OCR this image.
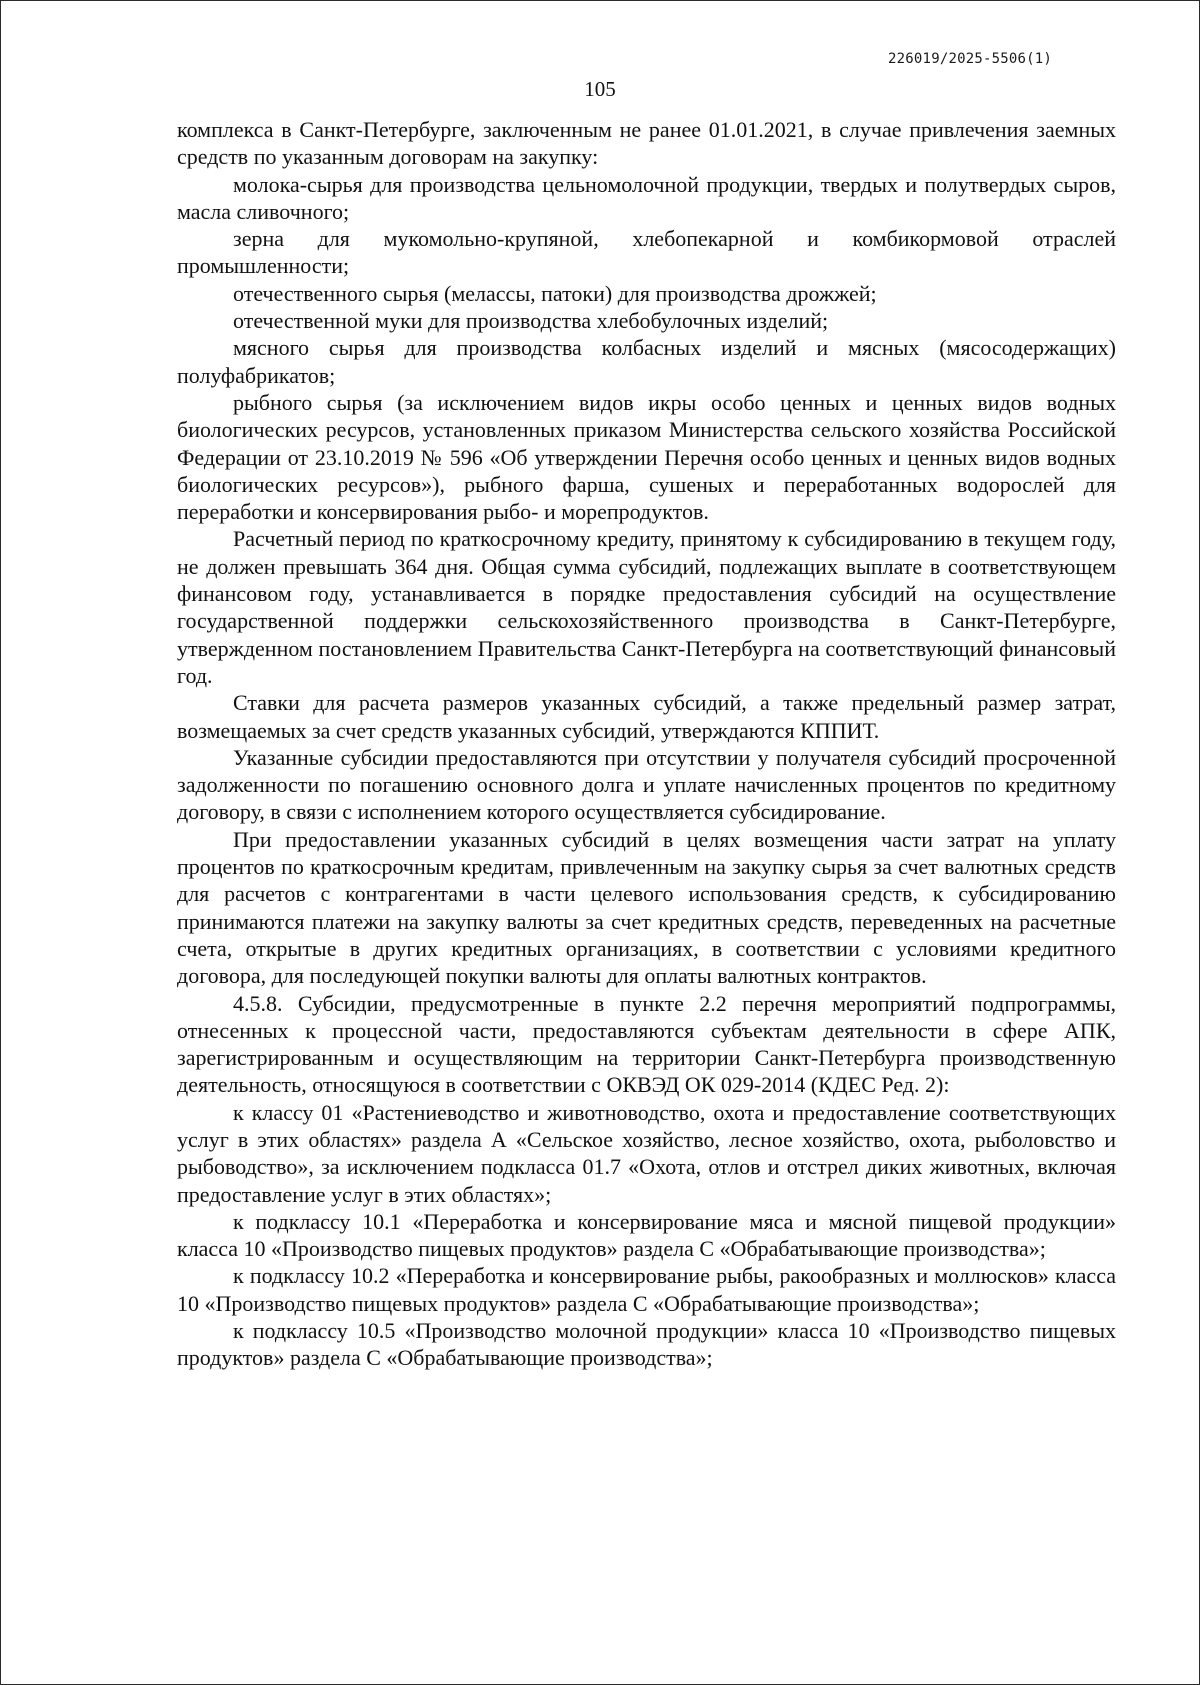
226019/2025-5506(1)
105

комплекса в Санкт-Петербурге, заключенным не ранее 01.01.2021, в случае привлечения заемных средств по указанным договорам на закупку:

молока-сырья для производства цельномолочной продукции, твердых и полутвердых сыров, масла сливочного;

зерна для мукомольно-крупяной, хлебопекарной и комбикормовой отраслей промышленности;

отечественного сырья (мелассы, патоки) для производства дрожжей;

отечественной муки для производства хлебобулочных изделий;

мясного сырья для производства колбасных изделий и мясных (мясосодержащих) полуфабрикатов;

рыбного сырья (за исключением видов икры особо ценных и ценных видов водных биологических ресурсов, установленных приказом Министерства сельского хозяйства Российской Федерации от 23.10.2019 № 596 «Об утверждении Перечня особо ценных и ценных видов водных биологических ресурсов»), рыбного фарша, сушеных и переработанных водорослей для переработки и консервирования рыбо- и морепродуктов.

Расчетный период по краткосрочному кредиту, принятому к субсидированию в текущем году, не должен превышать 364 дня. Общая сумма субсидий, подлежащих выплате в соответствующем финансовом году, устанавливается в порядке предоставления субсидий на осуществление государственной поддержки сельскохозяйственного производства в Санкт-Петербурге, утвержденном постановлением Правительства Санкт-Петербурга на соответствующий финансовый год.

Ставки для расчета размеров указанных субсидий, а также предельный размер затрат, возмещаемых за счет средств указанных субсидий, утверждаются КППИТ.

Указанные субсидии предоставляются при отсутствии у получателя субсидий просроченной задолженности по погашению основного долга и уплате начисленных процентов по кредитному договору, в связи с исполнением которого осуществляется субсидирование.

При предоставлении указанных субсидий в целях возмещения части затрат на уплату процентов по краткосрочным кредитам, привлеченным на закупку сырья за счет валютных средств для расчетов с контрагентами в части целевого использования средств, к субсидированию принимаются платежи на закупку валюты за счет кредитных средств, переведенных на расчетные счета, открытые в других кредитных организациях, в соответствии с условиями кредитного договора, для последующей покупки валюты для оплаты валютных контрактов.

4.5.8. Субсидии, предусмотренные в пункте 2.2 перечня мероприятий подпрограммы, отнесенных к процессной части, предоставляются субъектам деятельности в сфере АПК, зарегистрированным и осуществляющим на территории Санкт-Петербурга производственную деятельность, относящуюся в соответствии с ОКВЭД ОК 029-2014 (КДЕС Ред. 2):

к классу 01 «Растениеводство и животноводство, охота и предоставление соответствующих услуг в этих областях» раздела А «Сельское хозяйство, лесное хозяйство, охота, рыболовство и рыбоводство», за исключением подкласса 01.7 «Охота, отлов и отстрел диких животных, включая предоставление услуг в этих областях»;

к подклассу 10.1 «Переработка и консервирование мяса и мясной пищевой продукции» класса 10 «Производство пищевых продуктов» раздела С «Обрабатывающие производства»;

к подклассу 10.2 «Переработка и консервирование рыбы, ракообразных и моллюсков» класса 10 «Производство пищевых продуктов» раздела С «Обрабатывающие производства»;

к подклассу 10.5 «Производство молочной продукции» класса 10 «Производство пищевых продуктов» раздела С «Обрабатывающие производства»;
